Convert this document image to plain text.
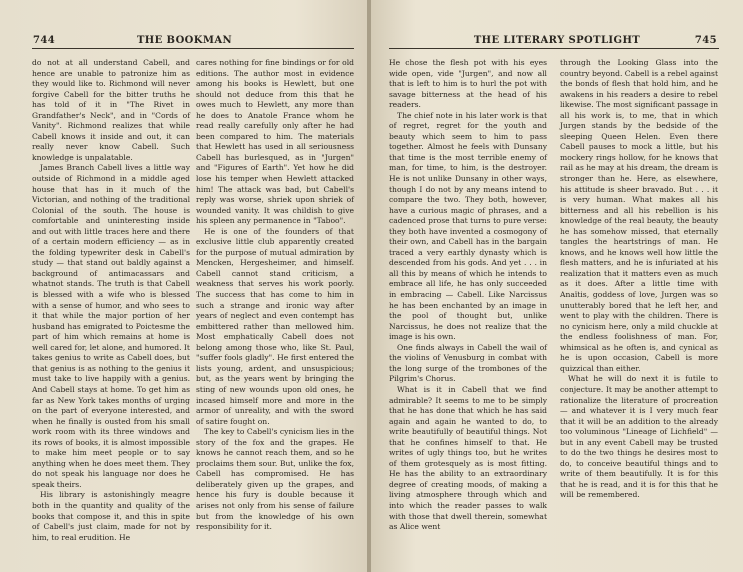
744	THE BOOKMAN

do not at all understand Cabell, and hence are unable to patronize him as they would like to. Richmond will never forgive Cabell for the bitter truths he has told of it in "The Rivet in Grandfather's Neck", and in "Cords of Vanity". Richmond realizes that while Cabell knows it inside and out, it can really never know Cabell. Such knowledge is unpalatable.

James Branch Cabell lives a little way outside of Richmond in a middle aged house that has in it much of the Victorian, and nothing of the traditional Colonial of the south. The house is comfortable and uninteresting inside and out with little traces here and there of a certain modern efficiency — as in the folding typewriter desk in Cabell's study — that stand out baldly against a background of antimacassars and whatnot stands. The truth is that Cabell is blessed with a wife who is blessed with a sense of humor, and who sees to it that while the major portion of her husband has emigrated to Poictesme the part of him which remains at home is well cared for, let alone, and humored. It takes genius to write as Cabell does, but that genius is as nothing to the genius it must take to live happily with a genius. And Cabell stays at home. To get him as far as New York takes months of urging on the part of everyone interested, and when he finally is ousted from his small work room with its three windows and its rows of books, it is almost impossible to make him meet people or to say anything when he does meet them. They do not speak his language nor does he speak theirs.

His library is astonishingly meagre both in the quantity and quality of the books that compose it, and this in spite of Cabell's just claim, made for not by him, to real erudition. He

cares nothing for fine bindings or for old editions. The author most in evidence among his books is Hewlett, but one should not deduce from this that he owes much to Hewlett, any more than he does to Anatole France whom he read really carefully only after he had been compared to him. The materials that Hewlett has used in all seriousness Cabell has burlesqued, as in "Jurgen" and "Figures of Earth". Yet how he did lose his temper when Hewlett attacked him! The attack was bad, but Cabell's reply was worse, shriek upon shriek of wounded vanity. It was childish to give his spleen any permanence in "Taboo".

He is one of the founders of that exclusive little club apparently created for the purpose of mutual admiration by Mencken, Hergesheimer, and himself. Cabell cannot stand criticism, a weakness that serves his work poorly. The success that has come to him in such a strange and ironic way after years of neglect and even contempt has embittered rather than mellowed him. Most emphatically Cabell does not belong among those who, like St. Paul, "suffer fools gladly". He first entered the lists young, ardent, and unsuspicious; but, as the years went by bringing the sting of new wounds upon old ones, he incased himself more and more in the armor of unreality, and with the sword of satire fought on.

The key to Cabell's cynicism lies in the story of the fox and the grapes. He knows he cannot reach them, and so he proclaims them sour. But, unlike the fox, Cabell has compromised. He has deliberately given up the grapes, and hence his fury is double because it arises not only from his sense of failure but from the knowledge of his own responsibility for it.

THE LITERARY SPOTLIGHT	745

He chose the flesh pot with his eyes wide open, vide "Jurgen", and now all that is left to him is to hurl the pot with savage bitterness at the head of his readers.

The chief note in his later work is that of regret, regret for the youth and beauty which seem to him to pass together. Almost he feels with Dunsany that time is the most terrible enemy of man, for time, to him, is the destroyer. He is not unlike Dunsany in other ways, though I do not by any means intend to compare the two. They both, however, have a curious magic of phrases, and a cadenced prose that turns to pure verse: they both have invented a cosmogony of their own, and Cabell has in the bargain traced a very earthly dynasty which is descended from his gods. And yet . . . in all this by means of which he intends to embrace all life, he has only succeeded in embracing — Cabell. Like Narcissus he has been enchanted by an image in the pool of thought but, unlike Narcissus, he does not realize that the image is his own.

One finds always in Cabell the wail of the violins of Venusburg in combat with the long surge of the trombones of the Pilgrim's Chorus.

What is it in Cabell that we find admirable? It seems to me to be simply that he has done that which he has said again and again he wanted to do, to write beautifully of beautiful things. Not that he confines himself to that. He writes of ugly things too, but he writes of them grotesquely as is most fitting. He has the ability to an extraordinary degree of creating moods, of making a living atmosphere through which and into which the reader passes to walk with those that dwell therein, somewhat as Alice went

through the Looking Glass into the country beyond. Cabell is a rebel against the bonds of flesh that hold him, and he awakens in his readers a desire to rebel likewise. The most significant passage in all his work is, to me, that in which Jurgen stands by the bedside of the sleeping Queen Helen. Even there Cabell pauses to mock a little, but his mockery rings hollow, for he knows that rail as he may at his dream, the dream is stronger than he. Here, as elsewhere, his attitude is sheer bravado. But . . . it is very human. What makes all his bitterness and all his rebellion is his knowledge of the real beauty, the beauty he has somehow missed, that eternally tangles the heartstrings of man. He knows, and he knows well how little the flesh matters, and he is infuriated at his realization that it matters even as much as it does. After a little time with Anaïtis, goddess of love, Jurgen was so unutterably bored that he left her, and went to play with the children. There is no cynicism here, only a mild chuckle at the endless foolishness of man. For, whimsical as he often is, and cynical as he is upon occasion, Cabell is more quizzical than either.

What he will do next it is futile to conjecture. It may be another attempt to rationalize the literature of procreation — and whatever it is I very much fear that it will be an addition to the already too voluminous "Lineage of Lichfield" — but in any event Cabell may be trusted to do the two things he desires most to do, to conceive beautiful things and to write of them beautifully. It is for this that he is read, and it is for this that he will be remembered.
